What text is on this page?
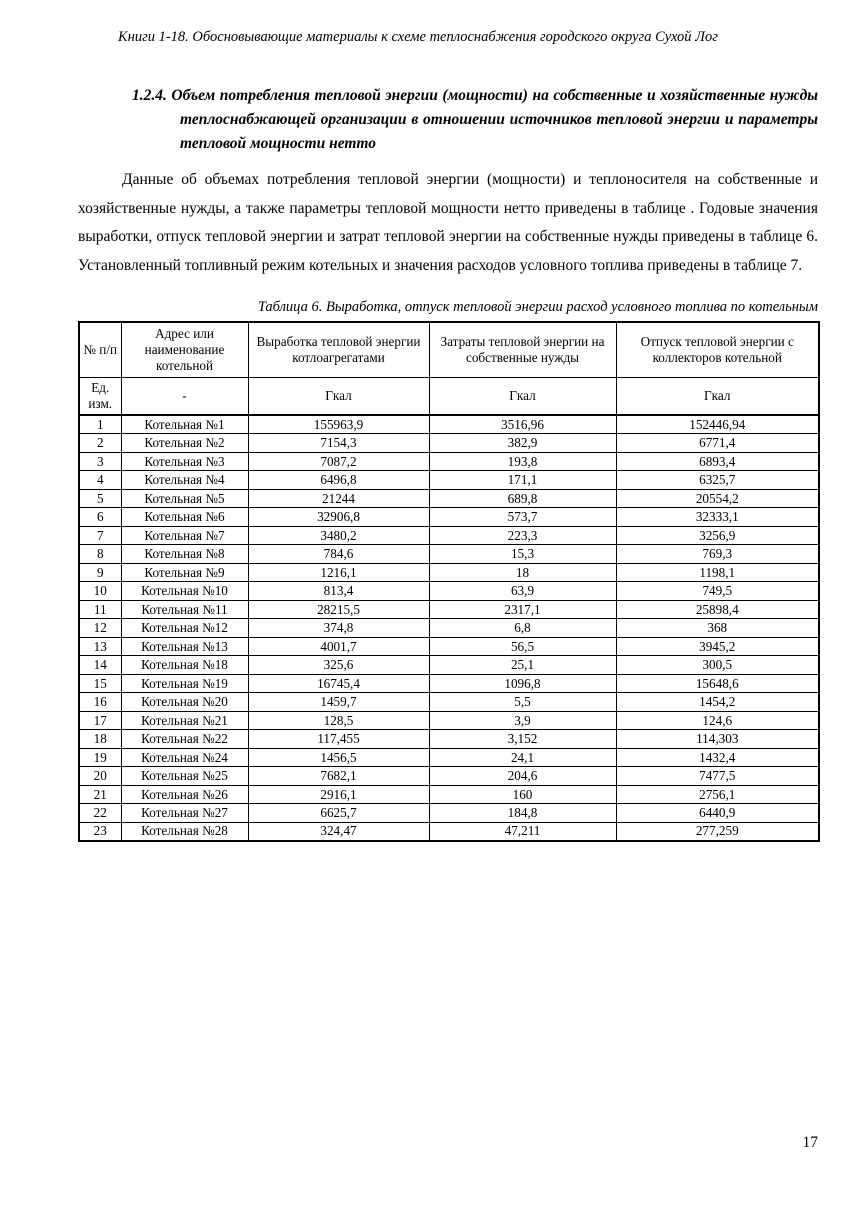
Книги 1-18. Обосновывающие материалы к схеме теплоснабжения городского округа Сухой Лог
1.2.4. Объем потребления тепловой энергии (мощности) на собственные и хозяйственные нужды теплоснабжающей организации в отношении источников тепловой энергии и параметры тепловой мощности нетто
Данные об объемах потребления тепловой энергии (мощности) и теплоносителя на собственные и хозяйственные нужды, а также параметры тепловой мощности нетто приведены в таблице . Годовые значения выработки, отпуск тепловой энергии и затрат тепловой энергии на собственные нужды приведены в таблице 6. Установленный топливный режим котельных и значения расходов условного топлива приведены в таблице 7.
Таблица 6. Выработка, отпуск тепловой энергии расход условного топлива по котельным
№ п/п	Адрес или наименование котельной	Выработка тепловой энергии котлоагрегатами	Затраты тепловой энергии на собственные нужды	Отпуск тепловой энергии с коллекторов котельной
Ед. изм.	-	Гкал	Гкал	Гкал
1	Котельная №1	155963,9	3516,96	152446,94
2	Котельная №2	7154,3	382,9	6771,4
3	Котельная №3	7087,2	193,8	6893,4
4	Котельная №4	6496,8	171,1	6325,7
5	Котельная №5	21244	689,8	20554,2
6	Котельная №6	32906,8	573,7	32333,1
7	Котельная №7	3480,2	223,3	3256,9
8	Котельная №8	784,6	15,3	769,3
9	Котельная №9	1216,1	18	1198,1
10	Котельная №10	813,4	63,9	749,5
11	Котельная №11	28215,5	2317,1	25898,4
12	Котельная №12	374,8	6,8	368
13	Котельная №13	4001,7	56,5	3945,2
14	Котельная №18	325,6	25,1	300,5
15	Котельная №19	16745,4	1096,8	15648,6
16	Котельная №20	1459,7	5,5	1454,2
17	Котельная №21	128,5	3,9	124,6
18	Котельная №22	117,455	3,152	114,303
19	Котельная №24	1456,5	24,1	1432,4
20	Котельная №25	7682,1	204,6	7477,5
21	Котельная №26	2916,1	160	2756,1
22	Котельная №27	6625,7	184,8	6440,9
23	Котельная №28	324,47	47,211	277,259
17
